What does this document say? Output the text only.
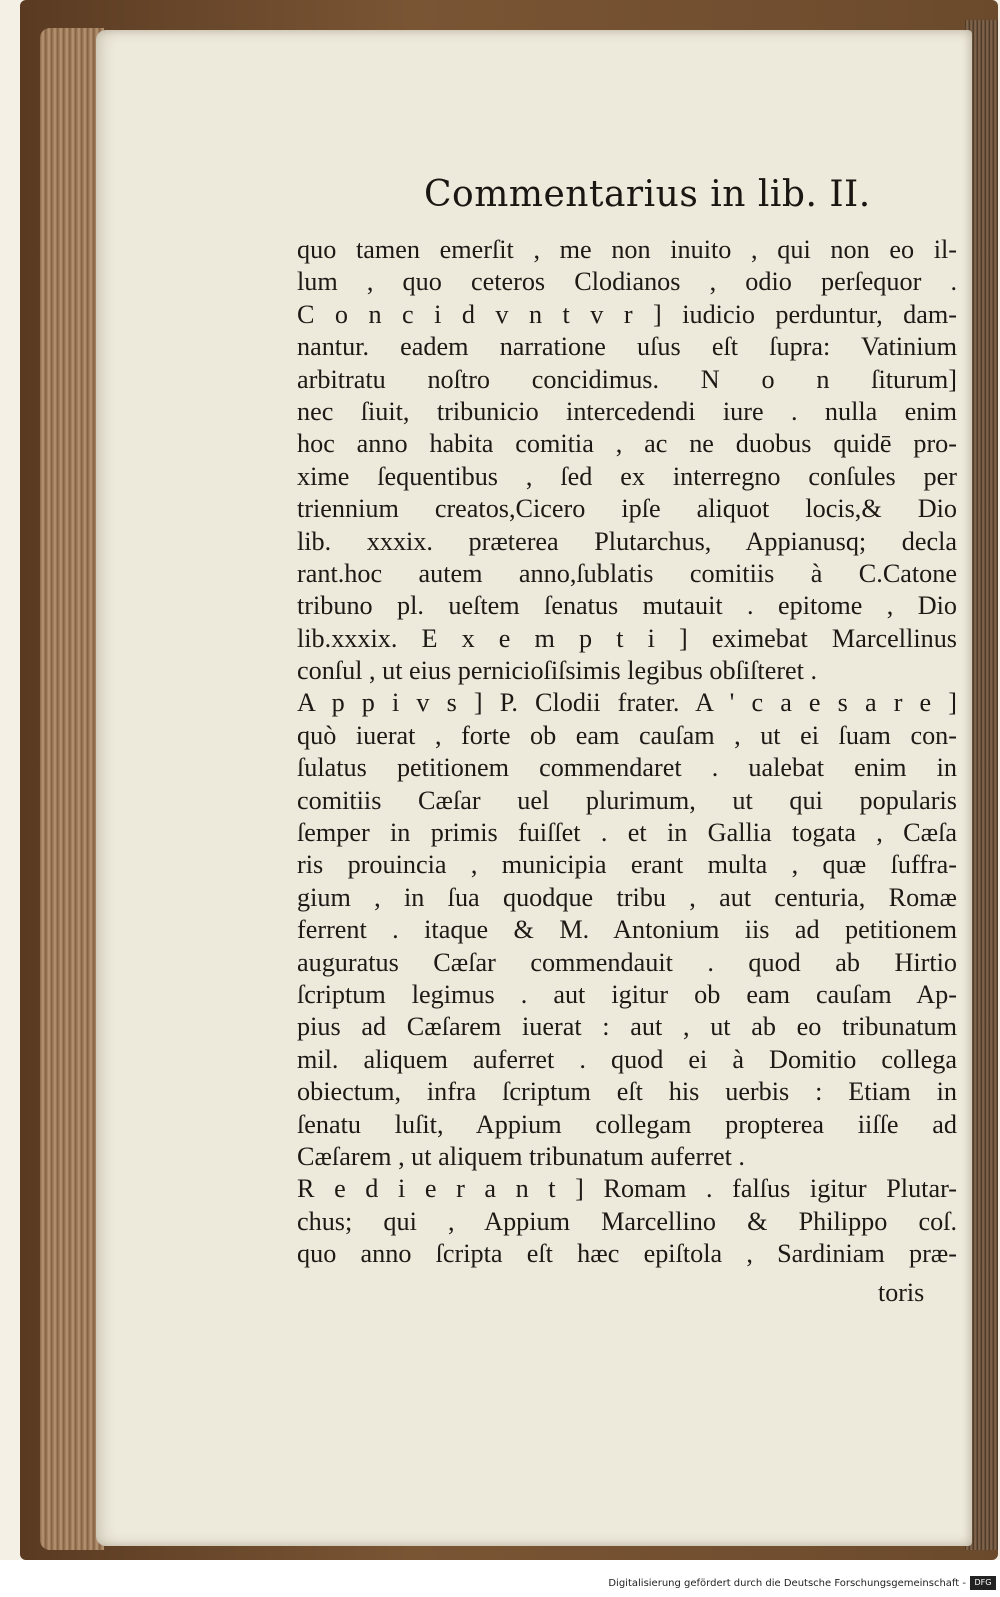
Commentarius in lib. II.
quo tamen emerſit , me non inuito , qui non eo il-
lum , quo ceteros Clodianos , odio perſequor .
C o n c i d v n t v r ] iudicio perduntur, dam-
nantur. eadem narratione uſus eſt ſupra: Vatinium
arbitratu noſtro concidimus. N o n ſiturum]
nec ſiuit, tribunicio intercedendi iure . nulla enim
hoc anno habita comitia , ac ne duobus quidē pro-
xime ſequentibus , ſed ex interregno conſules per
triennium creatos,Cicero ipſe aliquot locis,& Dio
lib. xxxix. præterea Plutarchus, Appianusq; decla
rant.hoc autem anno,ſublatis comitiis à C.Catone
tribuno pl. ueſtem ſenatus mutauit . epitome , Dio
lib.xxxix. E x e m p t i ] eximebat Marcellinus
conſul , ut eius pernicioſiſsimis legibus obſiſteret .
A p p i v s ] P. Clodii frater. A ' c a e s a r e ]
quò iuerat , forte ob eam cauſam , ut ei ſuam con-
ſulatus petitionem commendaret . ualebat enim in
comitiis Cæſar uel plurimum, ut qui popularis
ſemper in primis fuiſſet . et in Gallia togata , Cæſa
ris prouincia , municipia erant multa , quæ ſuffra-
gium , in ſua quodque tribu , aut centuria, Romæ
ferrent . itaque & M. Antonium iis ad petitionem
auguratus Cæſar commendauit . quod ab Hirtio
ſcriptum legimus . aut igitur ob eam cauſam Ap-
pius ad Cæſarem iuerat : aut , ut ab eo tribunatum
mil. aliquem auferret . quod ei à Domitio collega
obiectum, infra ſcriptum eſt his uerbis : Etiam in
ſenatu luſit, Appium collegam propterea iiſſe ad
Cæſarem , ut aliquem tribunatum auferret .
R e d i e r a n t ] Romam . falſus igitur Plutar-
chus; qui , Appium Marcellino & Philippo coſ.
quo anno ſcripta eſt hæc epiſtola , Sardiniam præ-
toris
Digitalisierung gefördert durch die Deutsche Forschungsgemeinschaft -	DFG
